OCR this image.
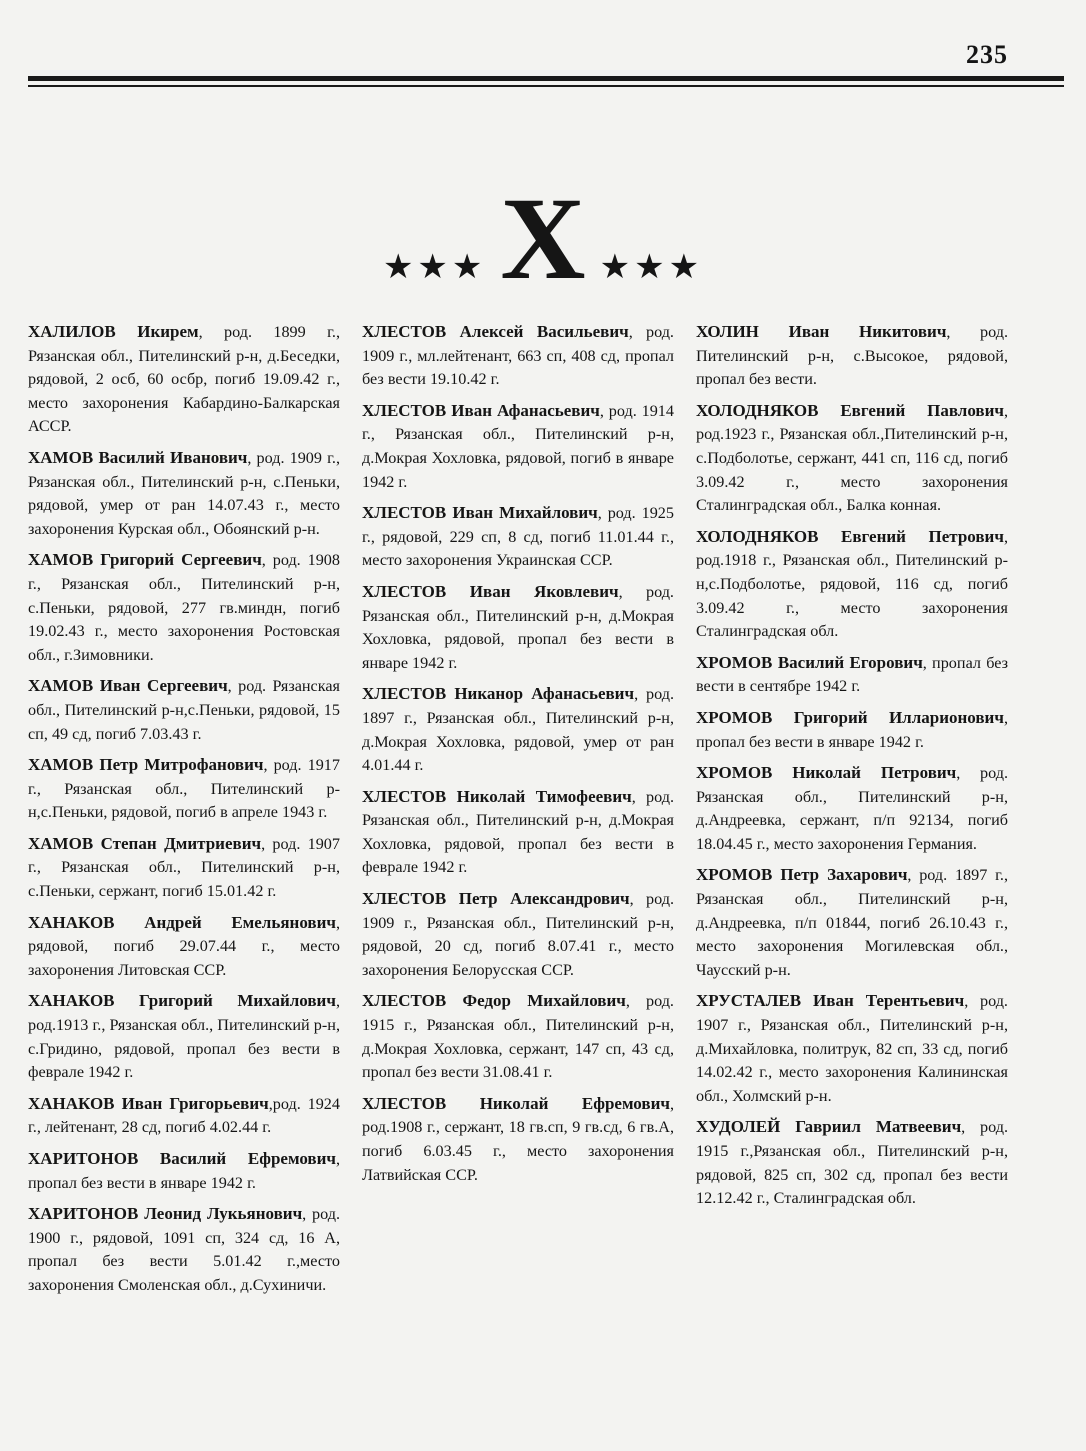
235
★★★ Х ★★★

ХАЛИЛОВ Икирем, род. 1899 г., Рязанская обл., Пителинский р-н, д.Беседки, рядовой, 2 осб, 60 осбр, погиб 19.09.42 г., место захоронения Кабардино-Балкарская АССР.

ХАМОВ Василий Иванович, род. 1909 г., Рязанская обл., Пителинский р-н, с.Пеньки, рядовой, умер от ран 14.07.43 г., место захоронения Курская обл., Обоянский р-н.

ХАМОВ Григорий Сергеевич, род. 1908 г., Рязанская обл., Пителинский р-н, с.Пеньки, рядовой, 277 гв.миндн, погиб 19.02.43 г., место захоронения Ростовская обл., г.Зимовники.

ХАМОВ Иван Сергеевич, род. Рязанская обл., Пителинский р-н,с.Пеньки, рядовой, 15 сп, 49 сд, погиб 7.03.43 г.

ХАМОВ Петр Митрофанович, род. 1917 г., Рязанская обл., Пителинский р-н,с.Пеньки, рядовой, погиб в апреле 1943 г.

ХАМОВ Степан Дмитриевич, род. 1907 г., Рязанская обл., Пителинский р-н, с.Пеньки, сержант, погиб 15.01.42 г.

ХАНАКОВ Андрей Емельянович, рядовой, погиб 29.07.44 г., место захоронения Литовская ССР.

ХАНАКОВ Григорий Михайлович, род.1913 г., Рязанская обл., Пителинский р-н, с.Гридино, рядовой, пропал без вести в феврале 1942 г.

ХАНАКОВ Иван Григорьевич,род. 1924 г., лейтенант, 28 сд, погиб 4.02.44 г.

ХАРИТОНОВ Василий Ефремович, пропал без вести в январе 1942 г.

ХАРИТОНОВ Леонид Лукьянович, род. 1900 г., рядовой, 1091 сп, 324 сд, 16 А, пропал без вести 5.01.42 г.,место захоронения Смоленская обл., д.Сухиничи.

ХЛЕСТОВ Алексей Васильевич, род. 1909 г., мл.лейтенант, 663 сп, 408 сд, пропал без вести 19.10.42 г.

ХЛЕСТОВ Иван Афанасьевич, род. 1914 г., Рязанская обл., Пителинский р-н, д.Мокрая Хохловка, рядовой, погиб в январе 1942 г.

ХЛЕСТОВ Иван Михайлович, род. 1925 г., рядовой, 229 сп, 8 сд, погиб 11.01.44 г., место захоронения Украинская ССР.

ХЛЕСТОВ Иван Яковлевич, род. Рязанская обл., Пителинский р-н, д.Мокрая Хохловка, рядовой, пропал без вести в январе 1942 г.

ХЛЕСТОВ Никанор Афанасьевич, род. 1897 г., Рязанская обл., Пителинский р-н, д.Мокрая Хохловка, рядовой, умер от ран 4.01.44 г.

ХЛЕСТОВ Николай Тимофеевич, род. Рязанская обл., Пителинский р-н, д.Мокрая Хохловка, рядовой, пропал без вести в феврале 1942 г.

ХЛЕСТОВ Петр Александрович, род. 1909 г., Рязанская обл., Пителинский р-н, рядовой, 20 сд, погиб 8.07.41 г., место захоронения Белорусская ССР.

ХЛЕСТОВ Федор Михайлович, род. 1915 г., Рязанская обл., Пителинский р-н, д.Мокрая Хохловка, сержант, 147 сп, 43 сд, пропал без вести 31.08.41 г.

ХЛЕСТОВ Николай Ефремович, род.1908 г., сержант, 18 гв.сп, 9 гв.сд, 6 гв.А, погиб 6.03.45 г., место захоронения Латвийская ССР.

ХОЛИН Иван Никитович, род. Пителинский р-н, с.Высокое, рядовой, пропал без вести.

ХОЛОДНЯКОВ Евгений Павлович, род.1923 г., Рязанская обл.,Пителинский р-н, с.Подболотье, сержант, 441 сп, 116 сд, погиб 3.09.42 г., место захоронения Сталинградская обл., Балка конная.

ХОЛОДНЯКОВ Евгений Петрович, род.1918 г., Рязанская обл., Пителинский р-н,с.Подболотье, рядовой, 116 сд, погиб 3.09.42 г., место захоронения Сталинградская обл.

ХРОМОВ Василий Егорович, пропал без вести в сентябре 1942 г.

ХРОМОВ Григорий Илларионович, пропал без вести в январе 1942 г.

ХРОМОВ Николай Петрович, род. Рязанская обл., Пителинский р-н, д.Андреевка, сержант, п/п 92134, погиб 18.04.45 г., место захоронения Германия.

ХРОМОВ Петр Захарович, род. 1897 г., Рязанская обл., Пителинский р-н, д.Андреевка, п/п 01844, погиб 26.10.43 г., место захоронения Могилевская обл., Чаусский р-н.

ХРУСТАЛЕВ Иван Терентьевич, род. 1907 г., Рязанская обл., Пителинский р-н, д.Михайловка, политрук, 82 сп, 33 сд, погиб 14.02.42 г., место захоронения Калининская обл., Холмский р-н.

ХУДОЛЕЙ Гавриил Матвеевич, род. 1915 г.,Рязанская обл., Пителинский р-н, рядовой, 825 сп, 302 сд, пропал без вести 12.12.42 г., Сталинградская обл.
